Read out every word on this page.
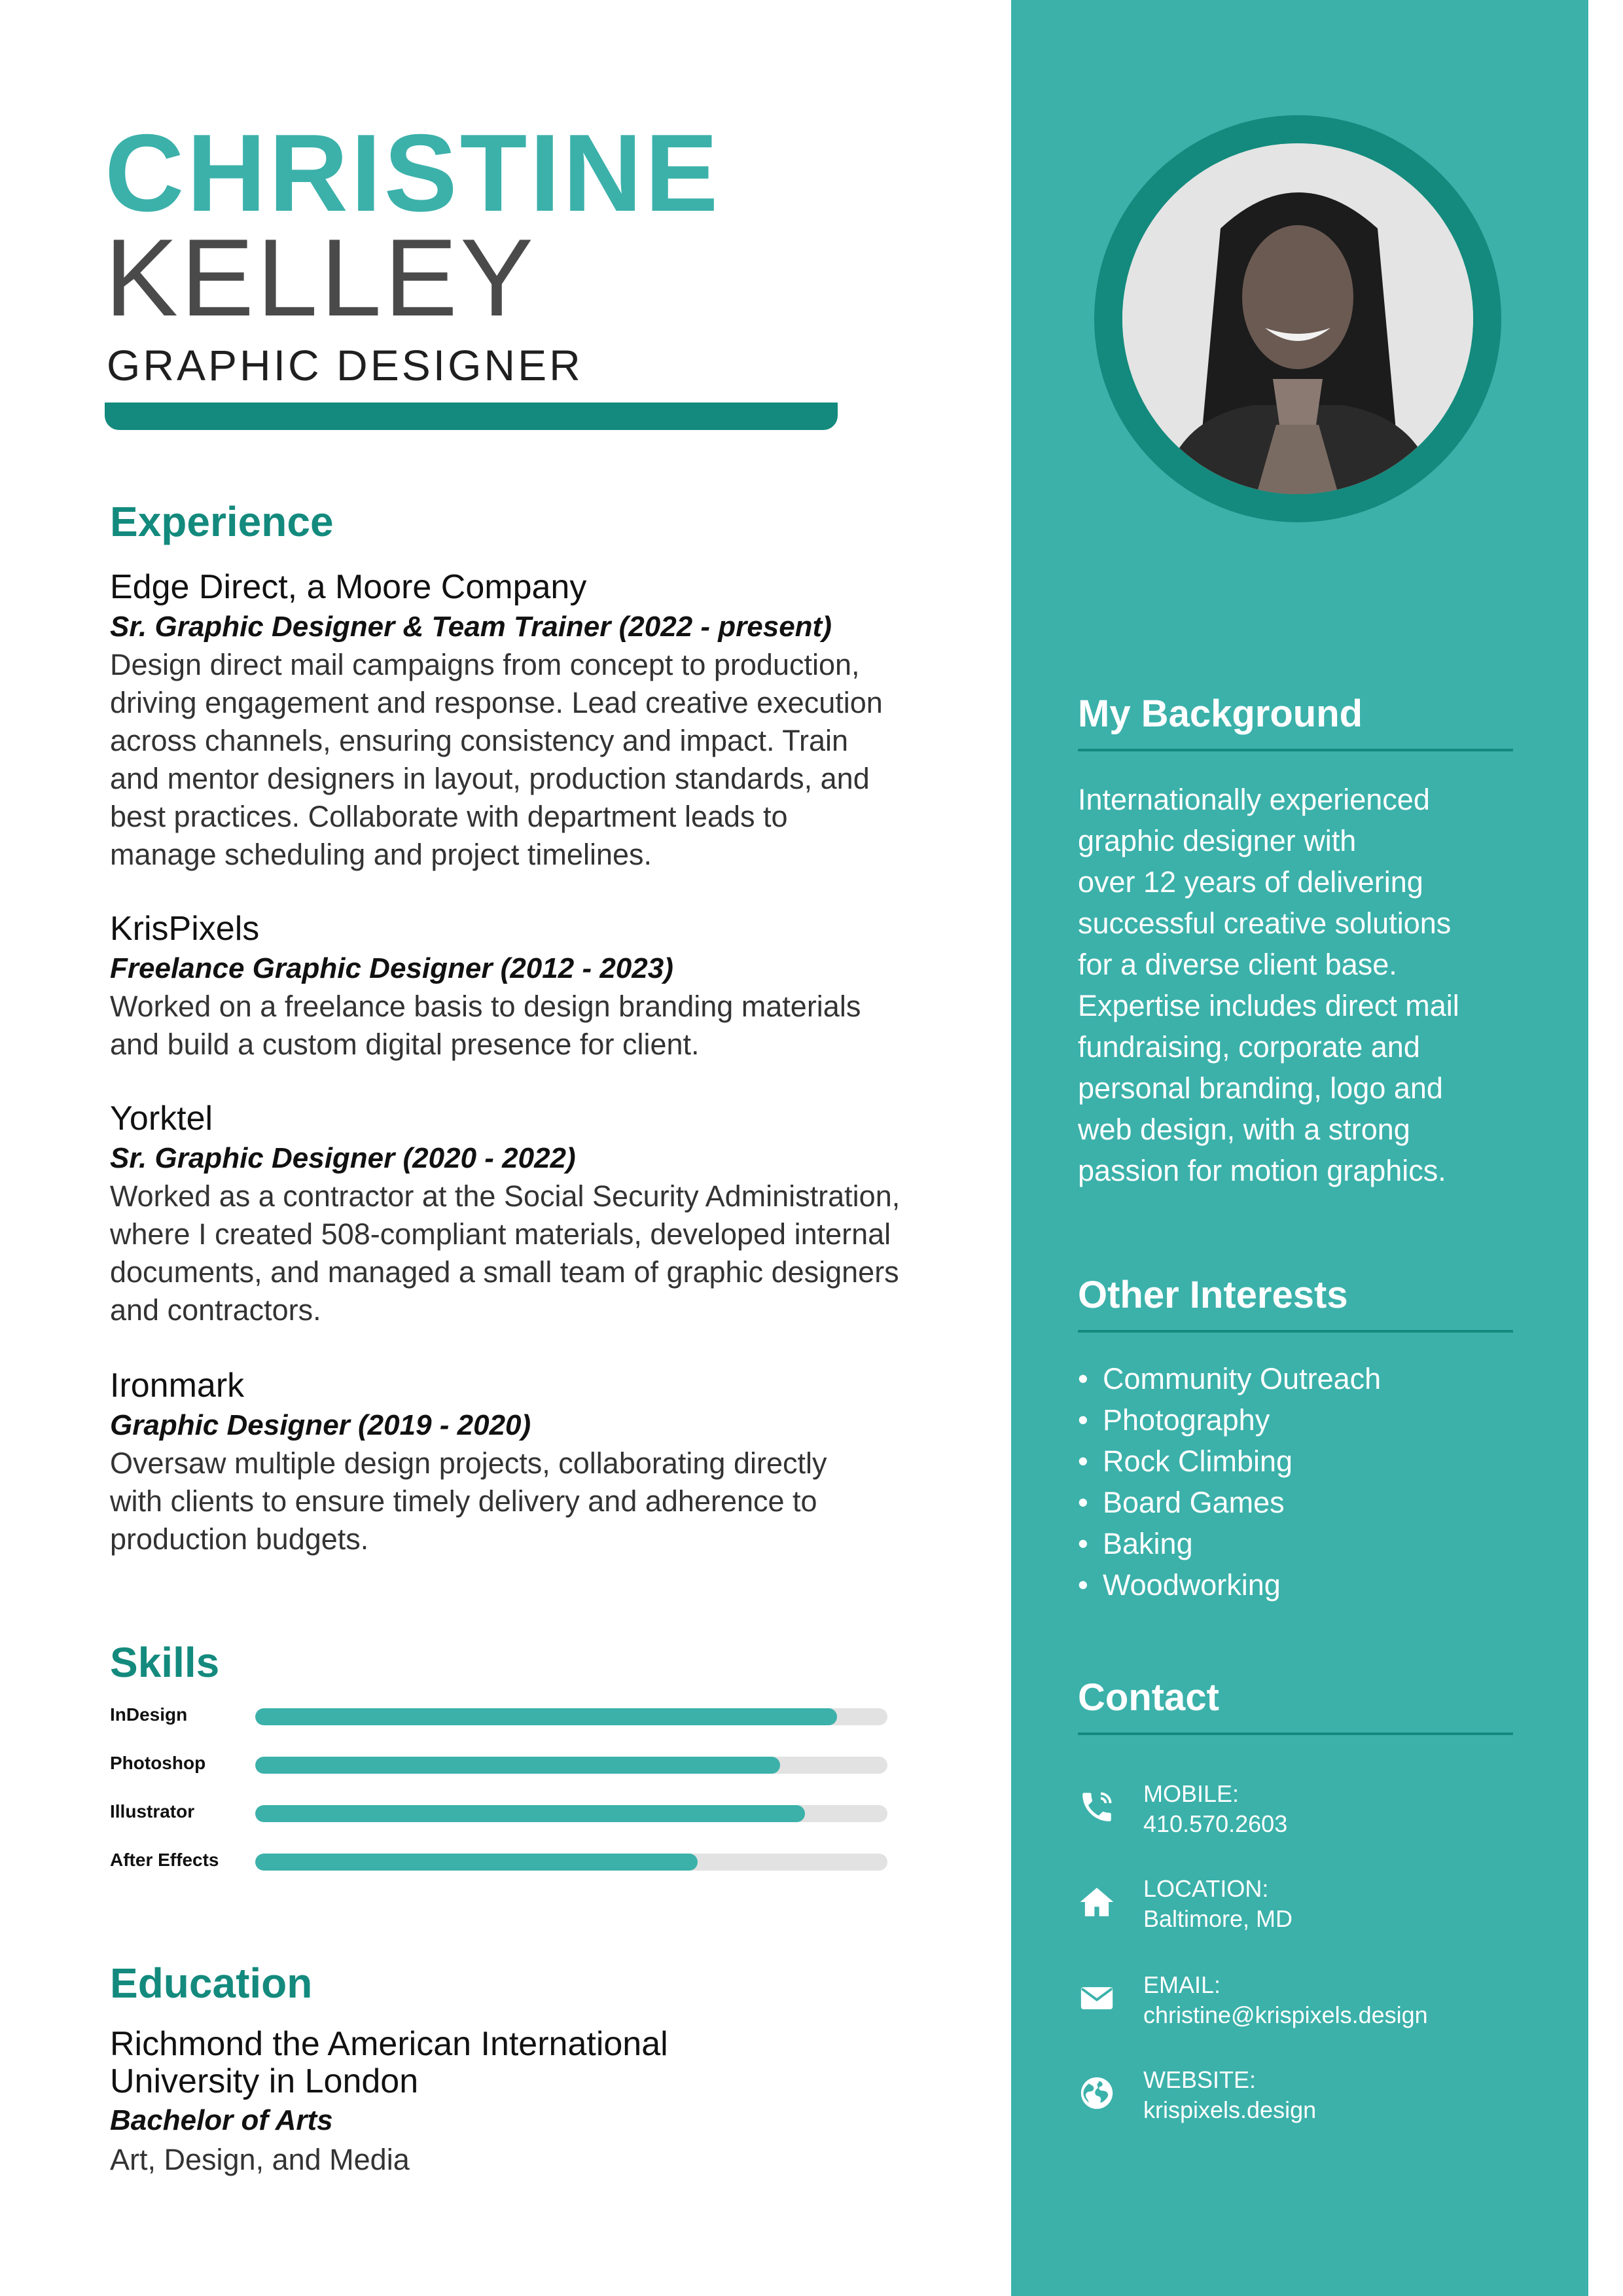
CHRISTINE
KELLEY
GRAPHIC DESIGNER
Experience
Edge Direct, a Moore Company
Sr. Graphic Designer & Team Trainer (2022 - present)
Design direct mail campaigns from concept to production,
driving engagement and response. Lead creative execution
across channels, ensuring consistency and impact. Train
and mentor designers in layout, production standards, and
best practices. Collaborate with department leads to
manage scheduling and project timelines.
KrisPixels
Freelance Graphic Designer (2012 - 2023)
Worked on a freelance basis to design branding materials
and build a custom digital presence for client.
Yorktel
Sr. Graphic Designer (2020 - 2022)
Worked as a contractor at the Social Security Administration,
where I created 508-compliant materials, developed internal
documents, and managed a small team of graphic designers
and contractors.
Ironmark
Graphic Designer (2019 - 2020)
Oversaw multiple design projects, collaborating directly
with clients to ensure timely delivery and adherence to
production budgets.
Skills
InDesign
Photoshop
Illustrator
After Effects
Education
Richmond the American International
University in London
Bachelor of Arts
Art, Design, and Media
My Background
Internationally experienced
graphic designer with
over 12 years of delivering
successful creative solutions
for a diverse client base.
Expertise includes direct mail
fundraising, corporate and
personal branding, logo and
web design, with a strong
passion for motion graphics.
Other Interests
• Community Outreach
• Photography
• Rock Climbing
• Board Games
• Baking
• Woodworking
Contact
MOBILE:
410.570.2603
LOCATION:
Baltimore, MD
EMAIL:
christine@krispixels.design
WEBSITE:
krispixels.design
